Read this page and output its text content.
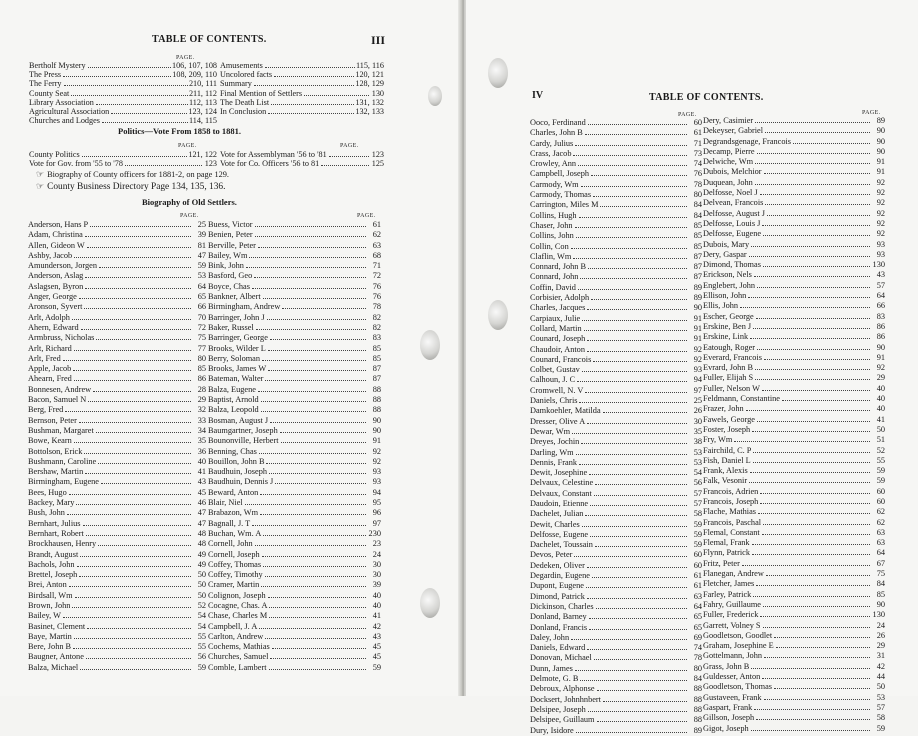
TABLE OF CONTENTS.	III
PAGE.
Bertholf Mystery	106, 107, 108
The Press	108, 209, 110
The Ferry	210, 111
County Seat	211, 112
Library Association	112, 113
Agricultural Association	123, 124
Churches and Lodges	114, 115
Amusements	115, 116
Uncolored facts	120, 121
Summary	128, 129
Final Mention of Settlers	130
The Death List	131, 132
In Conclusion	132, 133
Politics—Vote From 1858 to 1881.
PAGE.	PAGE.
County Politics	121, 122
Vote for Gov. from '55 to '78	123
Vote for Assemblyman '56 to '81	123
Vote for Co. Officers '56 to 81	125
☞ Biography of County officers for 1881-2, on page 129.
☞ County Business Directory Page 134, 135, 136.
Biography of Old Settlers.
PAGE.	PAGE.
Anderson, Hans P	25
Adam, Christina	39
Allen, Gideon W	81
Ashby, Jacob	47
Amunderson, Jorgen	59
Anderson, Aslag	53
Aslagsen, Byron	64
Anger, George	65
Aronson, Syvert	66
Arlt, Adolph	70
Ahern, Edward	72
Armbruss, Nicholas	75
Arlt, Richard	77
Arlt, Fred	80
Apple, Jacob	85
Ahearn, Fred	86
Bonnesen, Andrew	28
Bacon, Samuel N	29
Berg, Fred	32
Bernson, Peter	33
Bushman, Margaret	34
Bowe, Kearn	35
Bottolson, Erick	36
Bushmann, Caroline	40
Bershaw, Martin	41
Birmingham, Eugene	43
Bees, Hugo	45
Backey, Mary	46
Bush, John	47
Bernhart, Julius	47
Bernhart, Robert	48
Brockhausen, Henry	48
Brandt, August	49
Bachols, John	49
Brettel, Joseph	50
Brei, Anton	50
Birdsall, Wm	50
Brown, John	52
Bailey, W	54
Basinet, Clement	54
Baye, Martin	55
Bere, John B	55
Baugner, Antone	56
Balza, Michael	59
Buess, Victor	61
Benien, Peter	62
Berville, Peter	63
Bailey, Wm	68
Bink, John	71
Basford, Geo	72
Boyce, Chas	76
Bankner, Albert	76
Birmingham, Andrew	78
Barringer, John J	82
Baker, Russel	82
Barringer, George	83
Brooks, Wilder L	85
Berry, Soloman	85
Brooks, James W	87
Bateman, Walter	87
Balza, Eugene	88
Baptist, Arnold	88
Balza, Leopold	88
Bosman, August J	90
Baumgartner, Joseph	90
Bounonville, Herbert	91
Benning, Chas	92
Bouillon, John B	92
Baudhuin, Joseph	93
Baudhuin, Dennis J	93
Beward, Anton	94
Blair, Niel	95
Brabazon, Wm	96
Bagnall, J. T	97
Buchan, Wm. A	230
Cornell, John	23
Cornell, Joseph	24
Coffey, Thomas	30
Coffey, Timothy	30
Cramer, Martin	39
Colignon, Joseph	40
Cocagne, Chas. A	40
Chase, Charles M	41
Campbell, J. A	42
Carlton, Andrew	43
Cochems, Mathias	45
Churches, Samuel	45
Comble, Lambert	59
IV	TABLE OF CONTENTS.
PAGE.	PAGE.
Ooco, Ferdinand	60
Charles, John B	61
Cardy, Julius	71
Crass, Jacob	73
Crowley, Ann	74
Campbell, Joseph	76
Carmody, Wm	78
Carmody, Thomas	80
Carrington, Miles M	84
Collins, Hugh	84
Chaser, John	85
Collins, John	85
Collin, Con	85
Claflin, Wm	87
Connard, John B	87
Connard, John	87
Coffin, David	89
Corbisier, Adolph	89
Charles, Jacques	90
Carpiaux, Julie	91
Collard, Martin	91
Counard, Joseph	91
Chaudoir, Anton	92
Counard, Francois	92
Colbet, Gustav	93
Calhoun, J. C	94
Cromwell, N. V	97
Daniels, Chris	25
Damkoehler, Matilda	26
Dresser, Olive A	30
Dewar, Wm	35
Dreyes, Jochin	38
Darling, Wm	53
Dennis, Frank	53
Dewit, Josephine	54
Delvaux, Celestine	56
Delvaux, Constant	57
Daudoin, Etienne	57
Dachelet, Julian	58
Dewit, Charles	59
Delfosse, Eugene	59
Dachelet, Toussain	59
Devos, Peter	60
Dedeken, Oliver	60
Degardin, Eugene	61
Dupont, Eugene	61
Dimond, Patrick	63
Dickinson, Charles	64
Donland, Barney	65
Donland, Francis	65
Daley, John	69
Daniels, Edward	74
Donovan, Michael	78
Dunn, James	80
Delmote, G. B	84
Debroux, Alphonse	88
Docksert, Johnhnbert	88
Delsipee, Joseph	88
Delsipee, Guillaum	88
Dury, Isidore	89
Dery, Casimier	89
Dekeyser, Gabriel	90
Degrandsgenage, Francois	90
Decamp, Pierre	90
Delwiche, Wm	91
Dubois, Melchior	91
Duquean, John	92
Delfosse, Noel J	92
Delvean, Francois	92
Delfosse, August J	92
Delfosse, Louis J	92
Delfosse, Eugene	92
Dubois, Mary	93
Dery, Gaspar	93
Dimond, Thomas	130
Erickson, Nels	43
Englebert, John	57
Ellison, John	64
Ellis, John	66
Escher, George	83
Erskine, Ben J	86
Erskine, Link	86
Eatough, Roger	90
Everard, Francois	91
Evrard, John B	92
Fuller, Elijah S	29
Fuller, Nelson W	40
Feldmann, Constantine	40
Frazer, John	40
Fawels, George	41
Foster, Joseph	50
Fry, Wm	51
Fairchild, C. P	52
Fish, Daniel L	55
Frank, Alexis	59
Falk, Vesonir	59
Francois, Adrien	60
Francois, Joseph	60
Flache, Mathias	62
Francois, Paschal	62
Flemal, Constant	63
Flemal, Frank	63
Flynn, Patrick	64
Fritz, Peter	67
Flanegan, Andrew	75
Fletcher, James	84
Farley, Patrick	85
Fahry, Guillaume	90
Fuller, Frederick	130
Garrett, Volney S	24
Goodletson, Goodlet	26
Graham, Josephine E	29
Gottelmann, John	31
Grass, John B	42
Guldesser, Anton	44
Goodletson, Thomas	50
Gustaveen, Frank	53
Gaspart, Frank	57
Gillson, Joseph	58
Gigot, Joseph	59
